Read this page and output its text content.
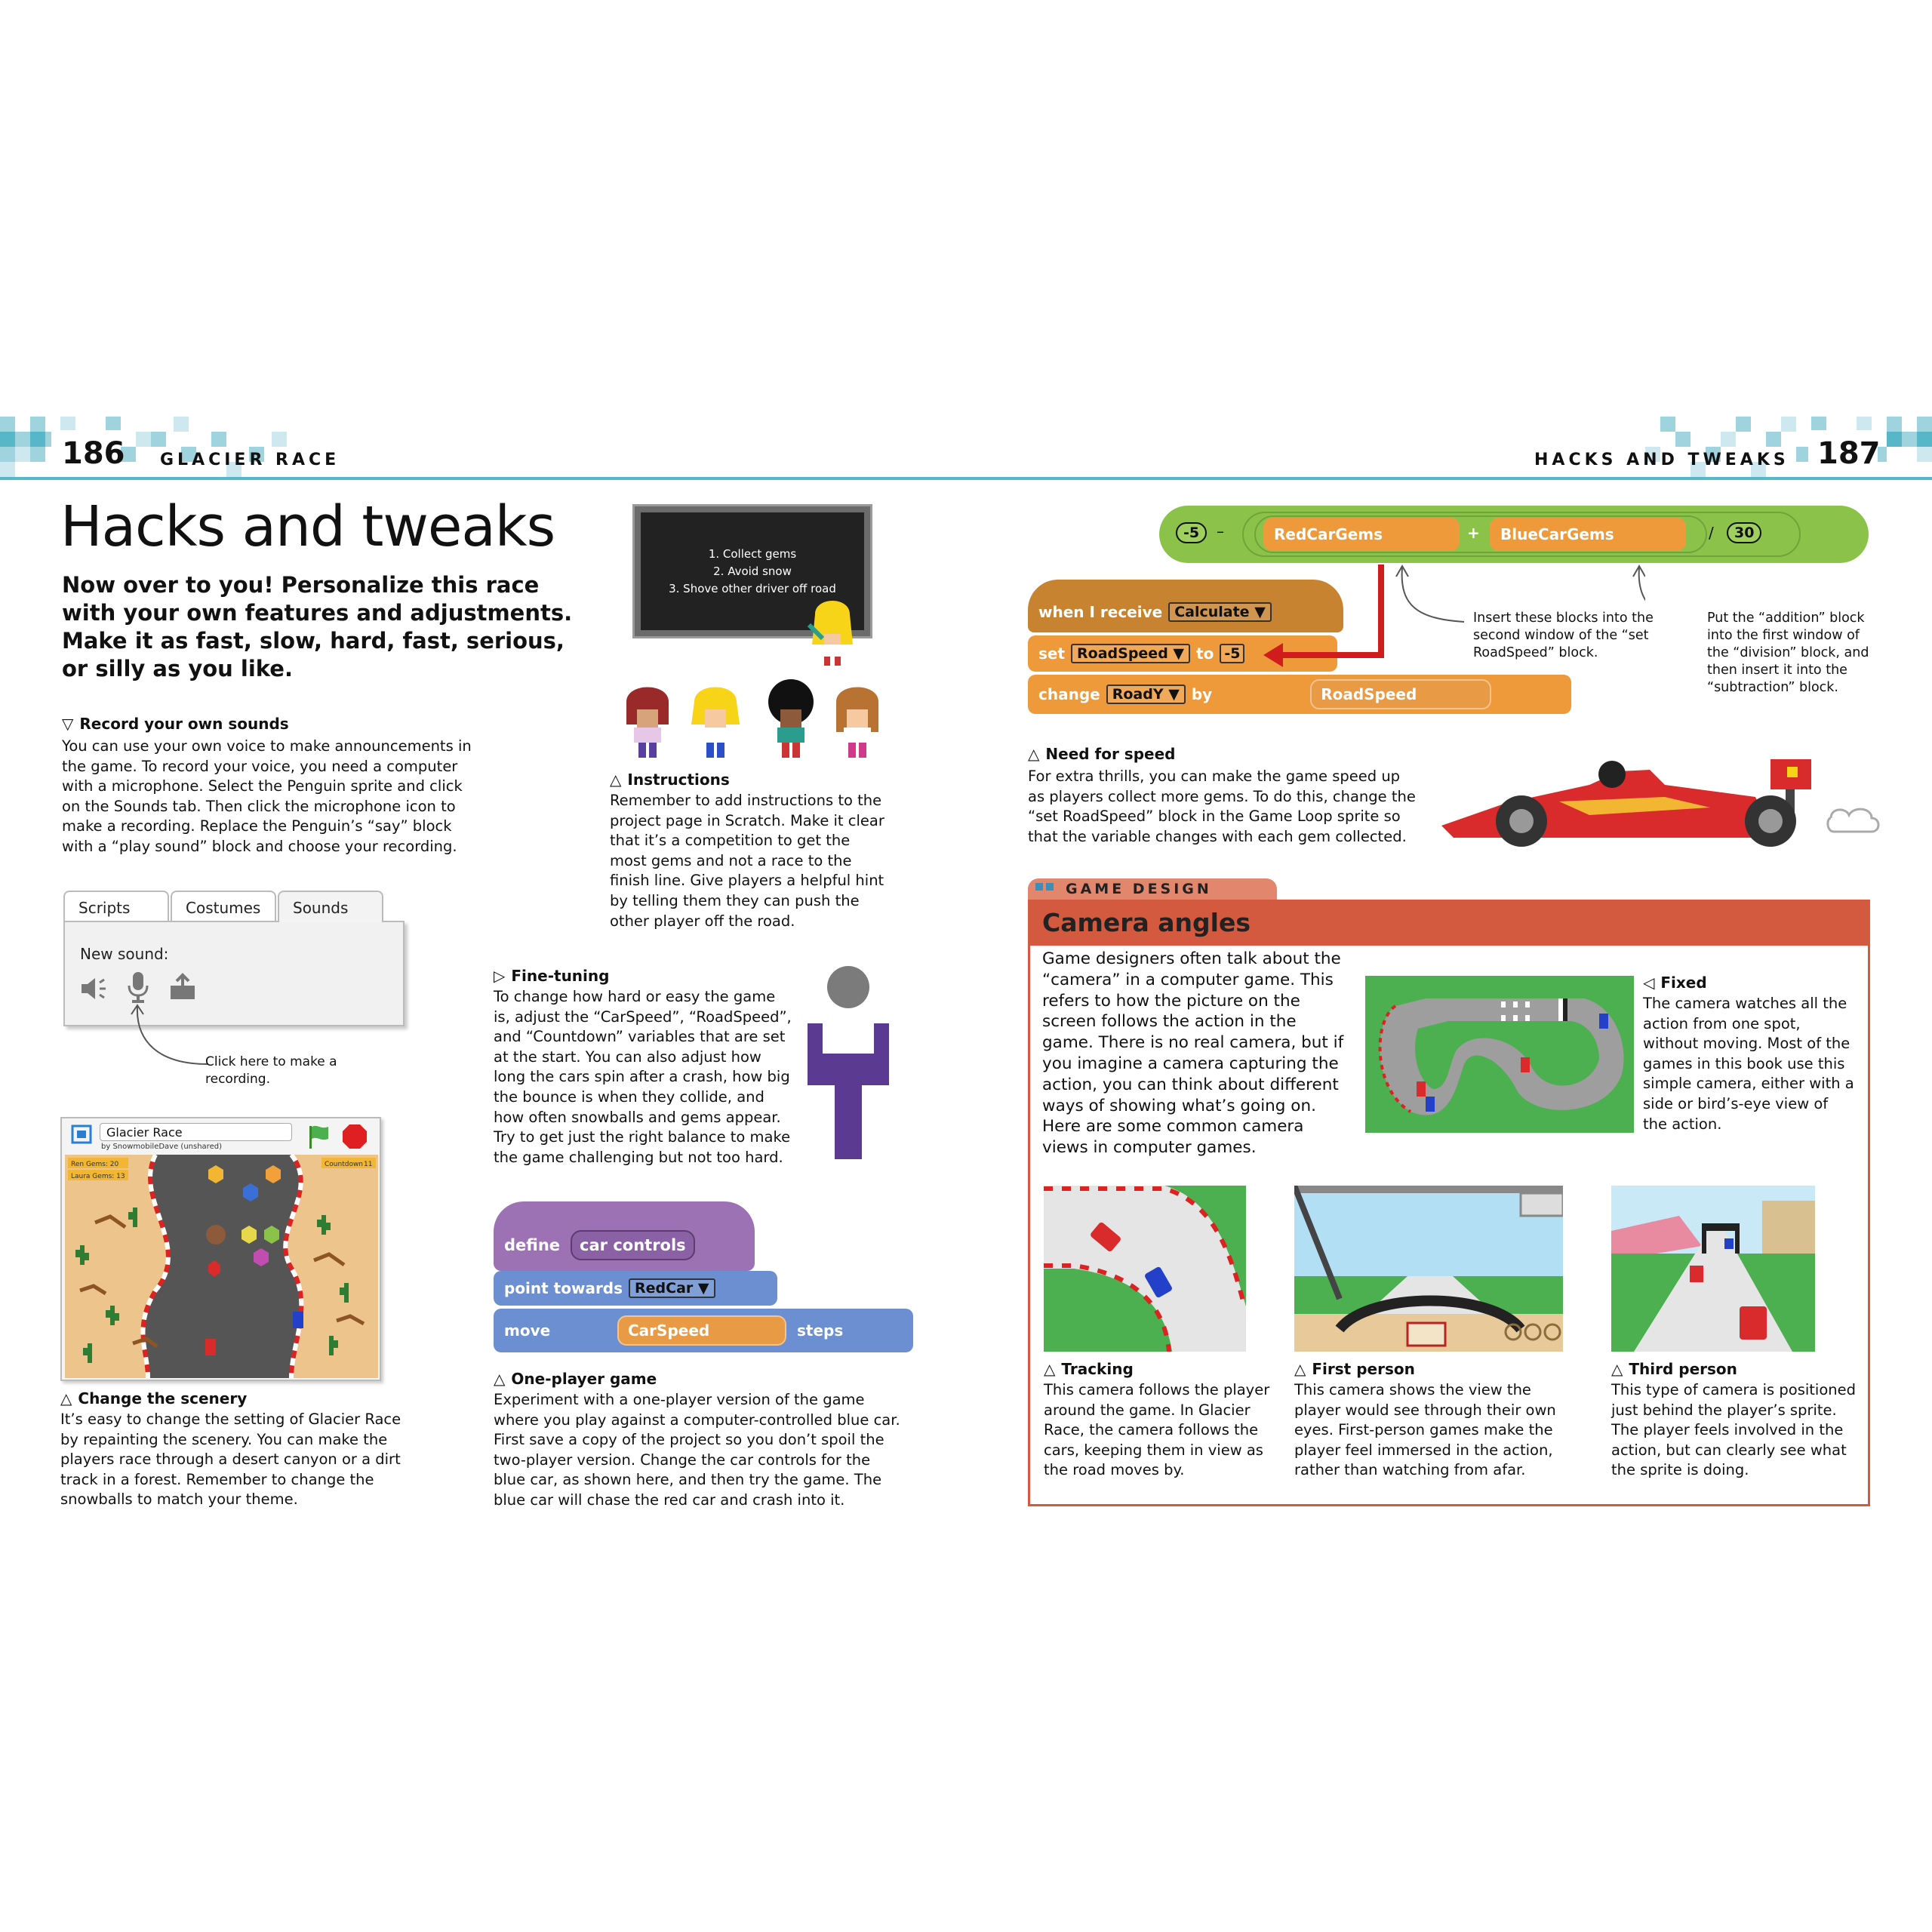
186 GLACIER RACE	HACKS AND TWEAKS 187
Hacks and tweaks
Now over to you! Personalize this race with your own features and adjustments. Make it as fast, slow, hard, fast, serious, or silly as you like.
▽ Record your own sounds
You can use your own voice to make announcements in the game. To record your voice, you need a computer with a microphone. Select the Penguin sprite and click on the Sounds tab. Then click the microphone icon to make a recording. Replace the Penguin’s “say” block with a “play sound” block and choose your recording.
Scripts	Costumes	Sounds
New sound:
Click here to make a recording.
Glacier Race
by SnowmobileDave (unshared)
Ren Gems: 20
Laura Gems: 13
Countdown 11
△ Change the scenery
It’s easy to change the setting of Glacier Race by repainting the scenery. You can make the players race through a desert canyon or a dirt track in a forest. Remember to change the snowballs to match your theme.
1. Collect gems
2. Avoid snow
3. Shove other driver off road
△ Instructions
Remember to add instructions to the project page in Scratch. Make it clear that it’s a competition to get the most gems and not a race to the finish line. Give players a helpful hint by telling them they can push the other player off the road.
▷ Fine-tuning
To change how hard or easy the game is, adjust the “CarSpeed”, “RoadSpeed”, and “Countdown” variables that are set at the start. You can also adjust how long the cars spin after a crash, how big the bounce is when they collide, and how often snowballs and gems appear. Try to get just the right balance to make the game challenging but not too hard.
define	car controls
point towards RedCar ▼
move	CarSpeed	steps
△ One-player game
Experiment with a one-player version of the game where you play against a computer-controlled blue car. First save a copy of the project so you don’t spoil the two-player version. Change the car controls for the blue car, as shown here, and then try the game. The blue car will chase the red car and crash into it.
-5	–	RedCarGems	+	BlueCarGems	/	30
when I receive Calculate ▼
set RoadSpeed ▼ to -5
change RoadY ▼ by	RoadSpeed
Insert these blocks into the second window of the “set RoadSpeed” block.
Put the “addition” block into the first window of the “division” block, and then insert it into the “subtraction” block.
△ Need for speed
For extra thrills, you can make the game speed up as players collect more gems. To do this, change the “set RoadSpeed” block in the Game Loop sprite so that the variable changes with each gem collected.
GAME DESIGN
Camera angles
Game designers often talk about the “camera” in a computer game. This refers to how the picture on the screen follows the action in the game. There is no real camera, but if you imagine a camera capturing the action, you can think about different ways of showing what’s going on. Here are some common camera views in computer games.
◁ Fixed
The camera watches all the action from one spot, without moving. Most of the games in this book use this simple camera, either with a side or bird’s-eye view of the action.
△ Tracking
This camera follows the player around the game. In Glacier Race, the camera follows the cars, keeping them in view as the road moves by.
△ First person
This camera shows the view the player would see through their own eyes. First-person games make the player feel immersed in the action, rather than watching from afar.
△ Third person
This type of camera is positioned just behind the player’s sprite. The player feels involved in the action, but can clearly see what the sprite is doing.
